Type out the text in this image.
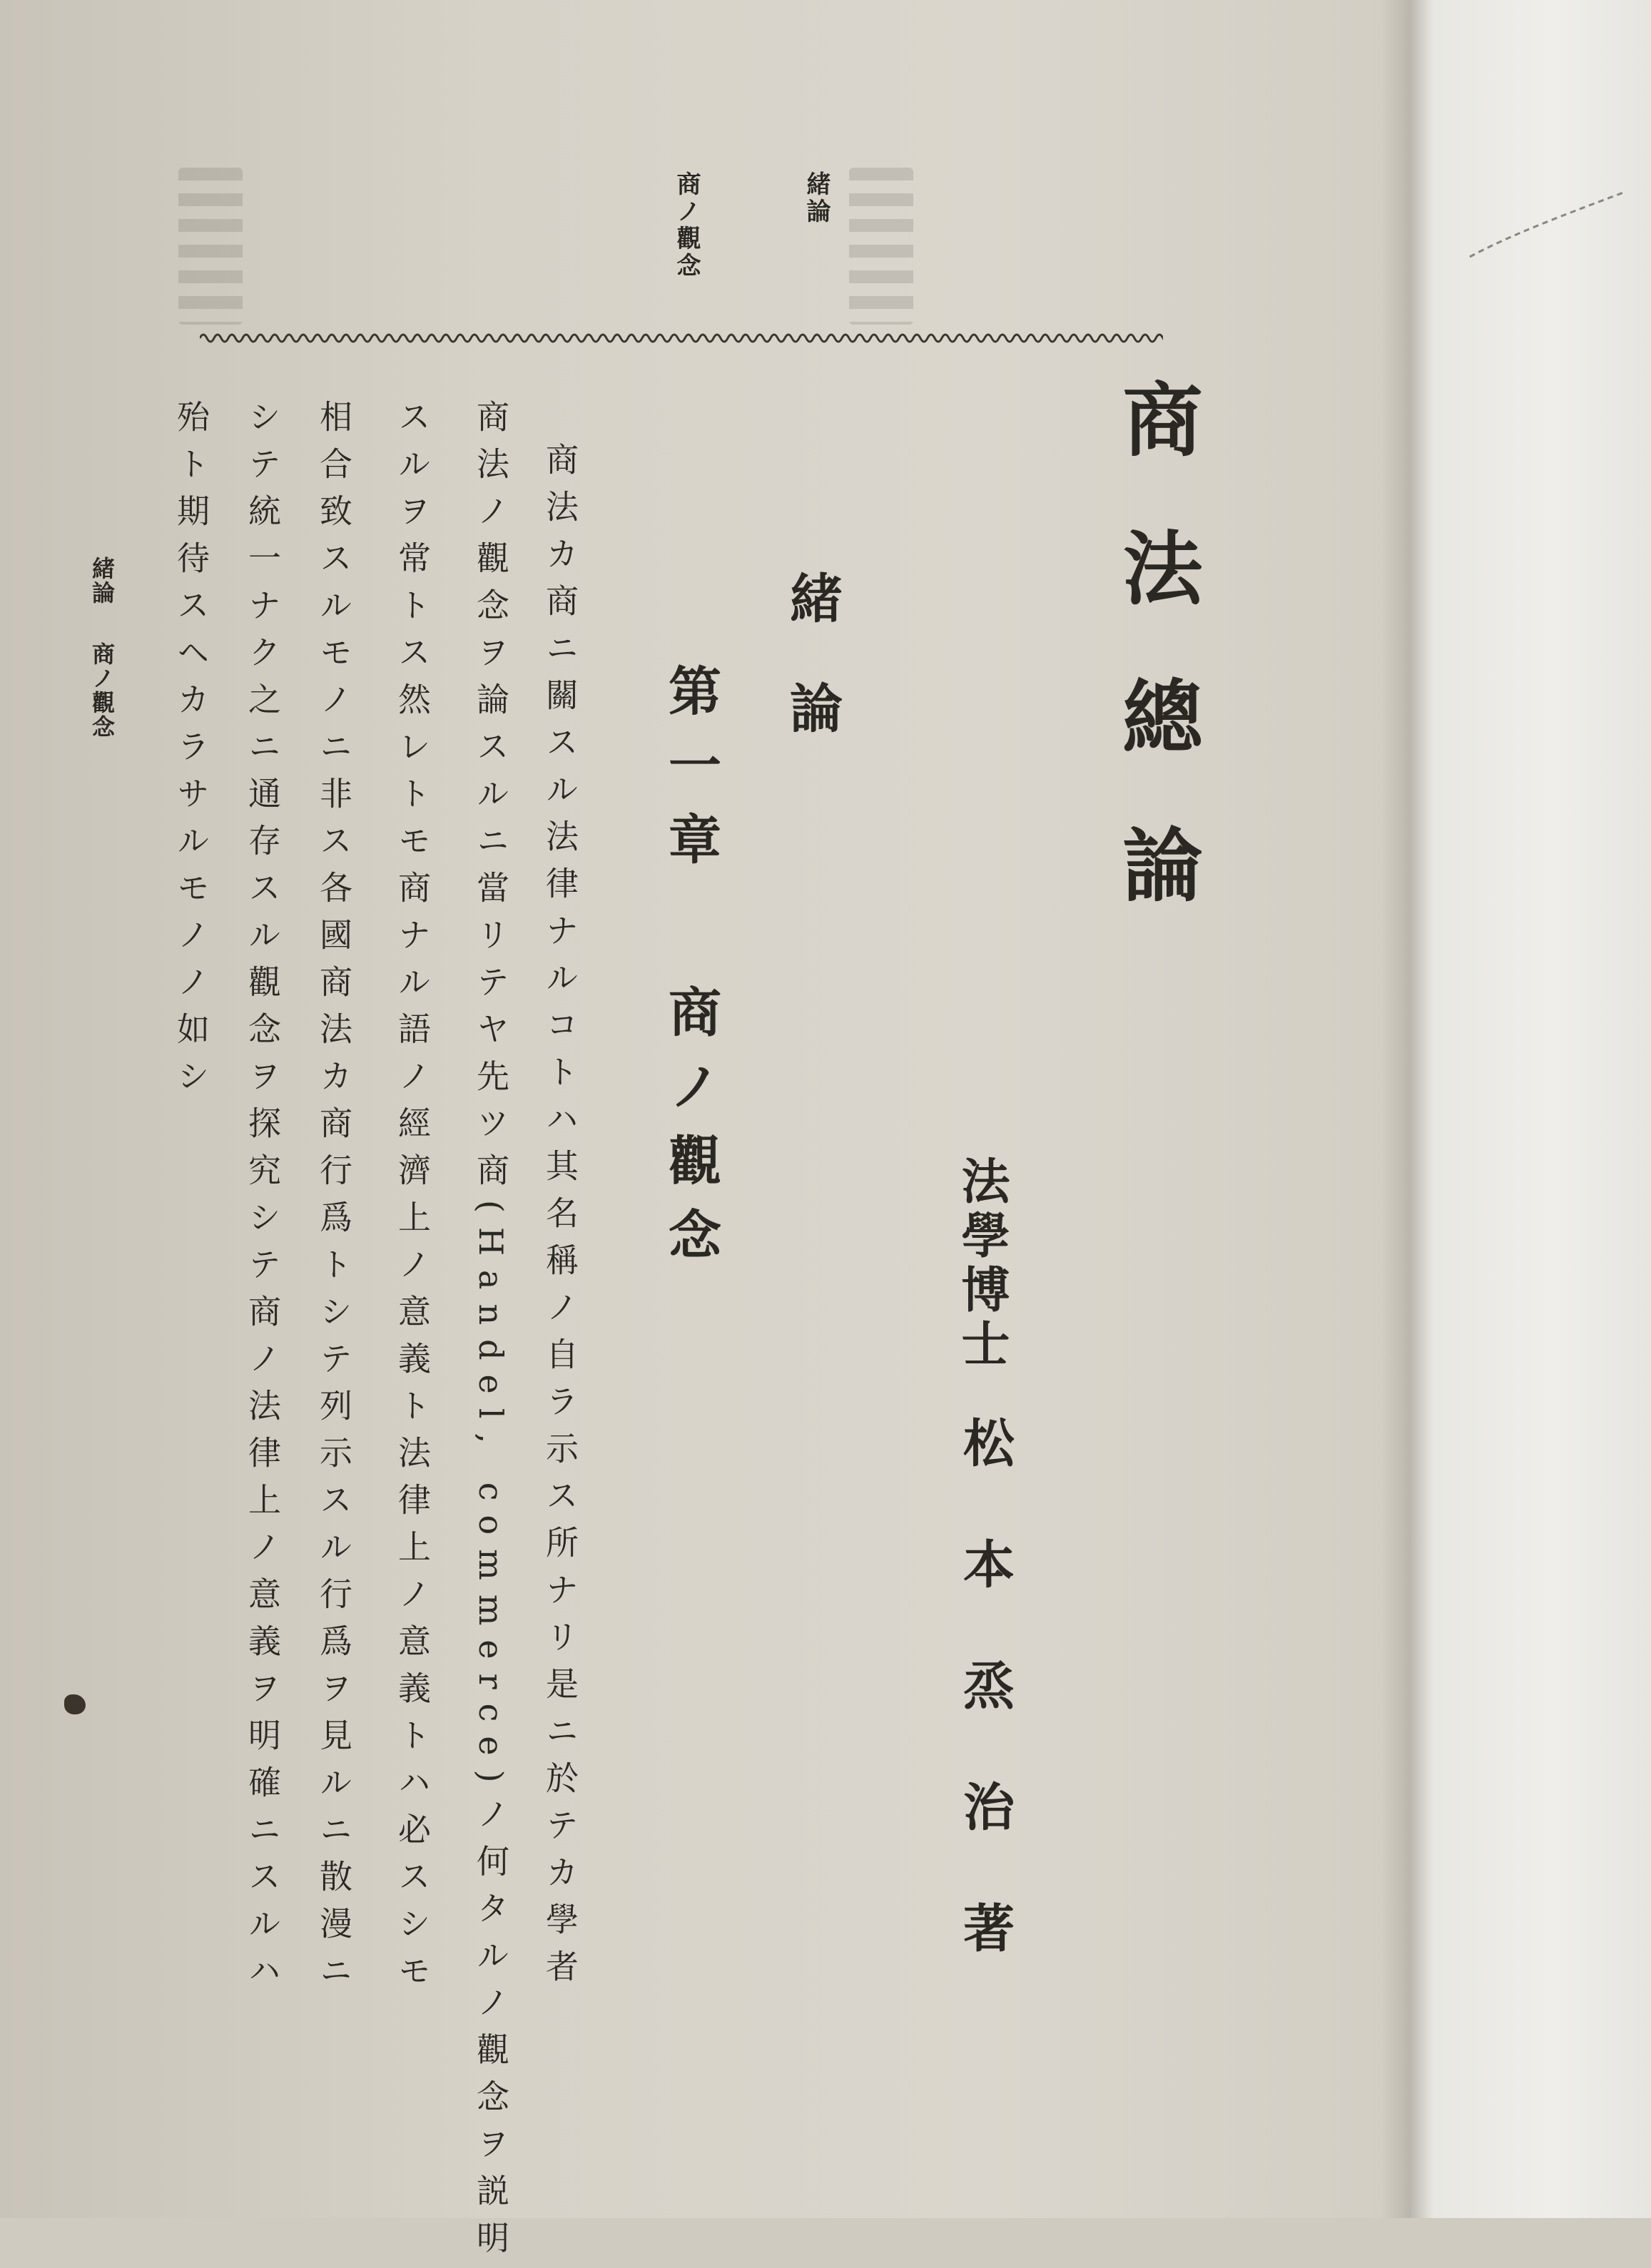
商ノ觀念	緒論

商法總論

緒論

第一章

商ノ觀念	法學博士

松本烝治著

商法カ商ニ關スル法律ナルコトハ其名稱ノ自ラ示ス所ナリ是ニ於テカ學者

商法ノ觀念ヲ論スルニ當リテヤ先ツ商(Handel, commerce)ノ何タルノ觀念ヲ説明

スルヲ常トス然レトモ商ナル語ノ經濟上ノ意義ト法律上ノ意義トハ必スシモ

相合致スルモノニ非ス各國商法カ商行爲トシテ列示スル行爲ヲ見ルニ散漫ニ

シテ統一ナク之ニ通存スル觀念ヲ探究シテ商ノ法律上ノ意義ヲ明確ニスルハ

殆ト期待スヘカラサルモノノ如シ

緒論

商ノ觀念
